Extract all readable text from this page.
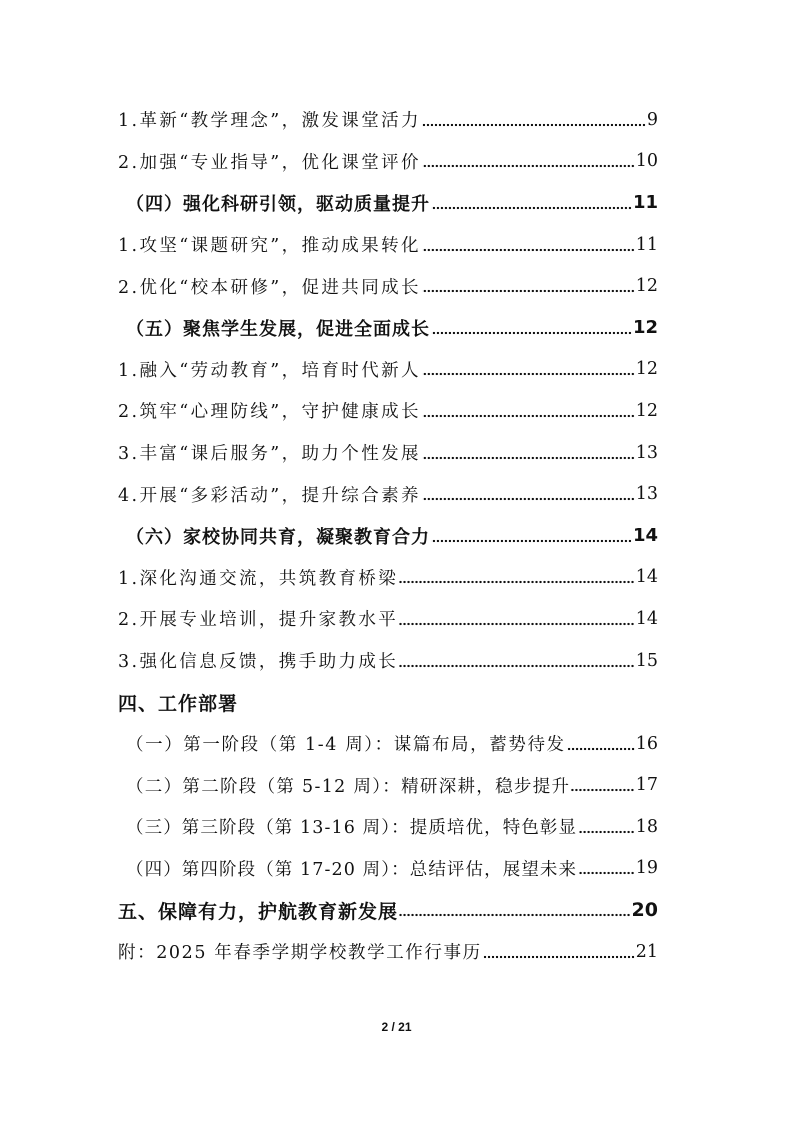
1.革新“教学理念”，激发课堂活力	9
2.加强“专业指导”，优化课堂评价	10
（四）强化科研引领，驱动质量提升	11
1.攻坚“课题研究”，推动成果转化	11
2.优化“校本研修”，促进共同成长	12
（五）聚焦学生发展，促进全面成长	12
1.融入“劳动教育”，培育时代新人	12
2.筑牢“心理防线”，守护健康成长	12
3.丰富“课后服务”，助力个性发展	13
4.开展“多彩活动”，提升综合素养	13
（六）家校协同共育，凝聚教育合力	14
1.深化沟通交流，共筑教育桥梁	14
2.开展专业培训，提升家教水平	14
3.强化信息反馈，携手助力成长	15
四、工作部署
（一）第一阶段（第 1-4 周）：谋篇布局，蓄势待发	16
（二）第二阶段（第 5-12 周）：精研深耕，稳步提升	17
（三）第三阶段（第 13-16 周）：提质培优，特色彰显	18
（四）第四阶段（第 17-20 周）：总结评估，展望未来	19
五、保障有力，护航教育新发展	20
附：2025 年春季学期学校教学工作行事历	21
2 / 21
